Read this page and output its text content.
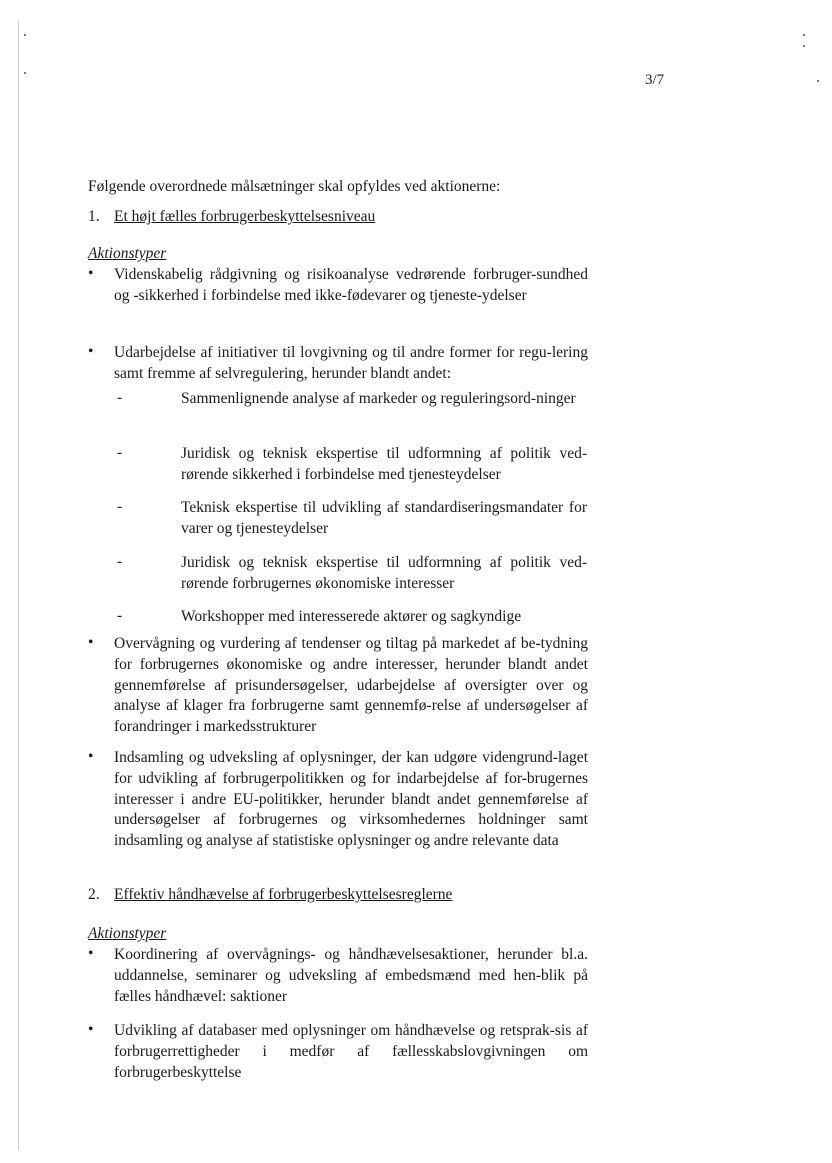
3/7
Følgende overordnede målsætninger skal opfyldes ved aktionerne:
1. Et højt fælles forbrugerbeskyttelsesniveau
Aktionstyper
•	Videnskabelig rådgivning og risikoanalyse vedrørende forbruger-sundhed og -sikkerhed i forbindelse med ikke-fødevarer og tjeneste-ydelser
•	Udarbejdelse af initiativer til lovgivning og til andre former for regu-lering samt fremme af selvregulering, herunder blandt andet:
-	Sammenlignende analyse af markeder og reguleringsord-ninger
-	Juridisk og teknisk ekspertise til udformning af politik ved-rørende sikkerhed i forbindelse med tjenesteydelser
-	Teknisk ekspertise til udvikling af standardiseringsmandater for varer og tjenesteydelser
-	Juridisk og teknisk ekspertise til udformning af politik ved-rørende forbrugernes økonomiske interesser
-	Workshopper med interesserede aktører og sagkyndige
•	Overvågning og vurdering af tendenser og tiltag på markedet af be-tydning for forbrugernes økonomiske og andre interesser, herunder blandt andet gennemførelse af prisundersøgelser, udarbejdelse af oversigter over og analyse af klager fra forbrugerne samt gennemfø-relse af undersøgelser af forandringer i markedsstrukturer
•	Indsamling og udveksling af oplysninger, der kan udgøre videngrund-laget for udvikling af forbrugerpolitikken og for indarbejdelse af for-brugernes interesser i andre EU-politikker, herunder blandt andet gennemførelse af undersøgelser af forbrugernes og virksomhedernes holdninger samt indsamling og analyse af statistiske oplysninger og andre relevante data
2. Effektiv håndhævelse af forbrugerbeskyttelsesreglerne
Aktionstyper
•	Koordinering af overvågnings- og håndhævelsesaktioner, herunder bl.a. uddannelse, seminarer og udveksling af embedsmænd med hen-blik på fælles håndhævel: saktioner
•	Udvikling af databaser med oplysninger om håndhævelse og retsprak-sis af forbrugerrettigheder i medfør af fællesskabslovgivningen om forbrugerbeskyttelse
